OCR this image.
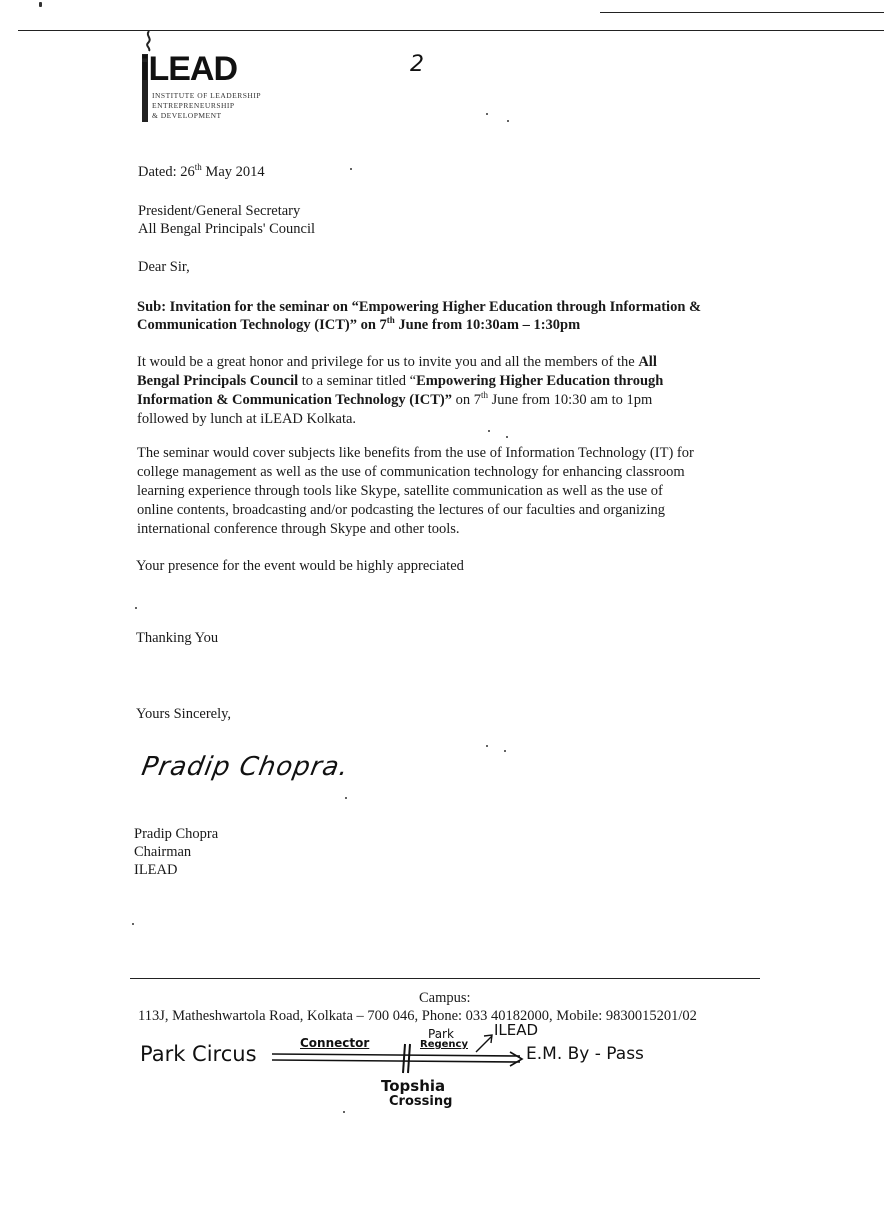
2
iLEAD
INSTITUTE OF LEADERSHIP
ENTREPRENEURSHIP
& DEVELOPMENT
Dated: 26th May 2014
President/General Secretary
All Bengal Principals' Council
Dear Sir,
Sub: Invitation for the seminar on “Empowering Higher Education through Information &
Communication Technology (ICT)” on 7th June from 10:30am – 1:30pm
It would be a great honor and privilege for us to invite you and all the members of the All
Bengal Principals Council to a seminar titled “Empowering Higher Education through
Information & Communication Technology (ICT)” on 7th June from 10:30 am to 1pm
followed by lunch at iLEAD Kolkata.
The seminar would cover subjects like benefits from the use of Information Technology (IT) for
college management as well as the use of communication technology for enhancing classroom
learning experience through tools like Skype, satellite communication as well as the use of
online contents, broadcasting and/or podcasting the lectures of our faculties and organizing
international conference through Skype and other tools.
Your presence for the event would be highly appreciated
Thanking You
Yours Sincerely,
Pradip Chopra.
Pradip Chopra
Chairman
ILEAD
Campus:
113J, Matheshwartola Road, Kolkata – 700 046, Phone: 033 40182000, Mobile: 9830015201/02
Park Circus	Connector
Park
Regency
ILEAD
E.M. By - Pass
Topshia
Crossing
